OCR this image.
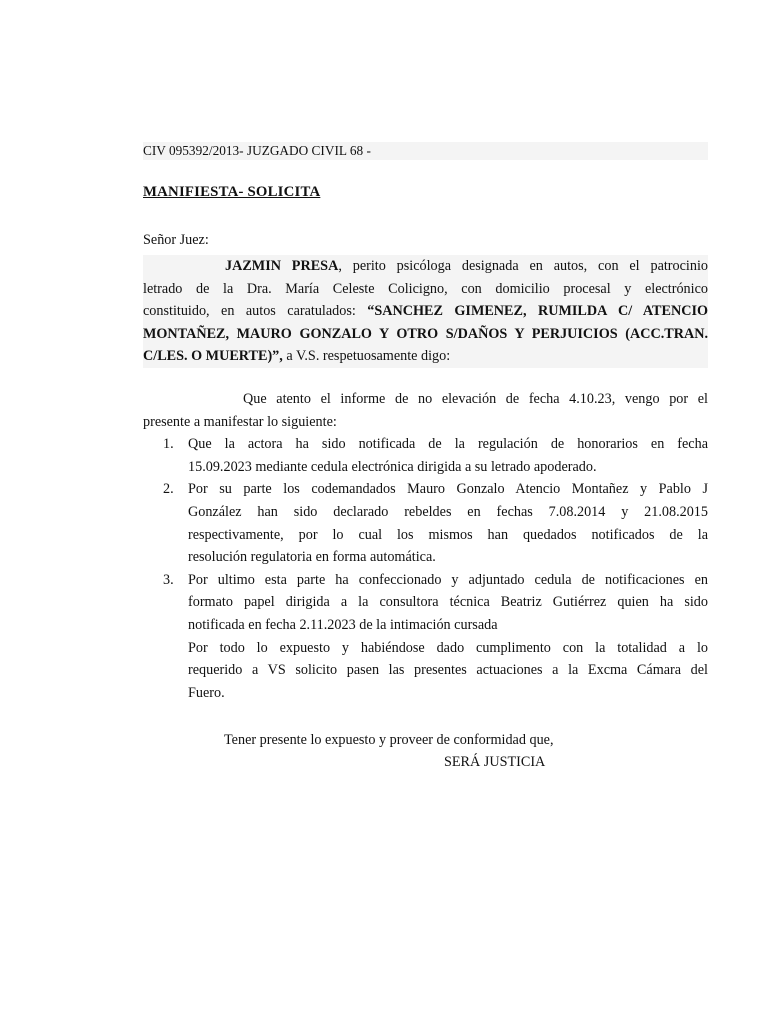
CIV 095392/2013- JUZGADO CIVIL 68 -
MANIFIESTA- SOLICITA
Señor Juez:
JAZMIN PRESA, perito psicóloga designada en autos, con el patrocinio
letrado de la Dra. María Celeste Colicigno, con domicilio procesal y electrónico
constituido, en autos caratulados: “SANCHEZ GIMENEZ, RUMILDA C/ ATENCIO
MONTAÑEZ, MAURO GONZALO Y OTRO S/DAÑOS Y PERJUICIOS (ACC.TRAN.
C/LES. O MUERTE)”, a V.S. respetuosamente digo:
Que atento el informe de no elevación de fecha 4.10.23, vengo por el
presente a manifestar lo siguiente:
1. Que la actora ha sido notificada de la regulación de honorarios en fecha
15.09.2023 mediante cedula electrónica dirigida a su letrado apoderado.
2. Por su parte los codemandados Mauro Gonzalo Atencio Montañez y Pablo J
González han sido declarado rebeldes en fechas 7.08.2014 y 21.08.2015
respectivamente, por lo cual los mismos han quedados notificados de la
resolución regulatoria en forma automática.
3. Por ultimo esta parte ha confeccionado y adjuntado cedula de notificaciones en
formato papel dirigida a la consultora técnica Beatriz Gutiérrez quien ha sido
notificada en fecha 2.11.2023 de la intimación cursada
Por todo lo expuesto y habiéndose dado cumplimento con la totalidad a lo
requerido a VS solicito pasen las presentes actuaciones a la Excma Cámara del
Fuero.
Tener presente lo expuesto y proveer de conformidad que,
SERÁ JUSTICIA
